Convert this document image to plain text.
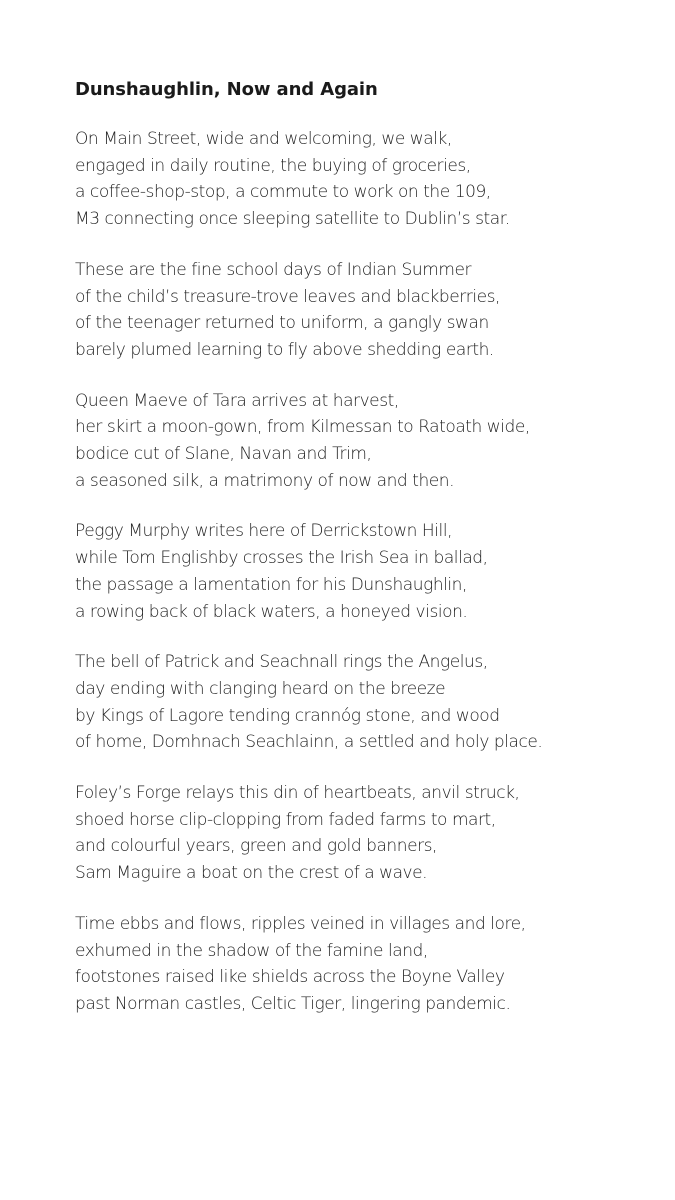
Dunshaughlin, Now and Again
On Main Street, wide and welcoming, we walk,
engaged in daily routine, the buying of groceries,
a coffee-shop-stop, a commute to work on the 109,
M3 connecting once sleeping satellite to Dublin’s star.
These are the fine school days of Indian Summer
of the child’s treasure-trove leaves and blackberries,
of the teenager returned to uniform, a gangly swan
barely plumed learning to fly above shedding earth.
Queen Maeve of Tara arrives at harvest,
her skirt a moon-gown, from Kilmessan to Ratoath wide,
bodice cut of Slane, Navan and Trim,
a seasoned silk, a matrimony of now and then.
Peggy Murphy writes here of Derrickstown Hill,
while Tom Englishby crosses the Irish Sea in ballad,
the passage a lamentation for his Dunshaughlin,
a rowing back of black waters, a honeyed vision.
The bell of Patrick and Seachnall rings the Angelus,
day ending with clanging heard on the breeze
by Kings of Lagore tending crannóg stone, and wood
of home, Domhnach Seachlainn, a settled and holy place.
Foley’s Forge relays this din of heartbeats, anvil struck,
shoed horse clip-clopping from faded farms to mart,
and colourful years, green and gold banners,
Sam Maguire a boat on the crest of a wave.
Time ebbs and flows, ripples veined in villages and lore,
exhumed in the shadow of the famine land,
footstones raised like shields across the Boyne Valley
past Norman castles, Celtic Tiger, lingering pandemic.
